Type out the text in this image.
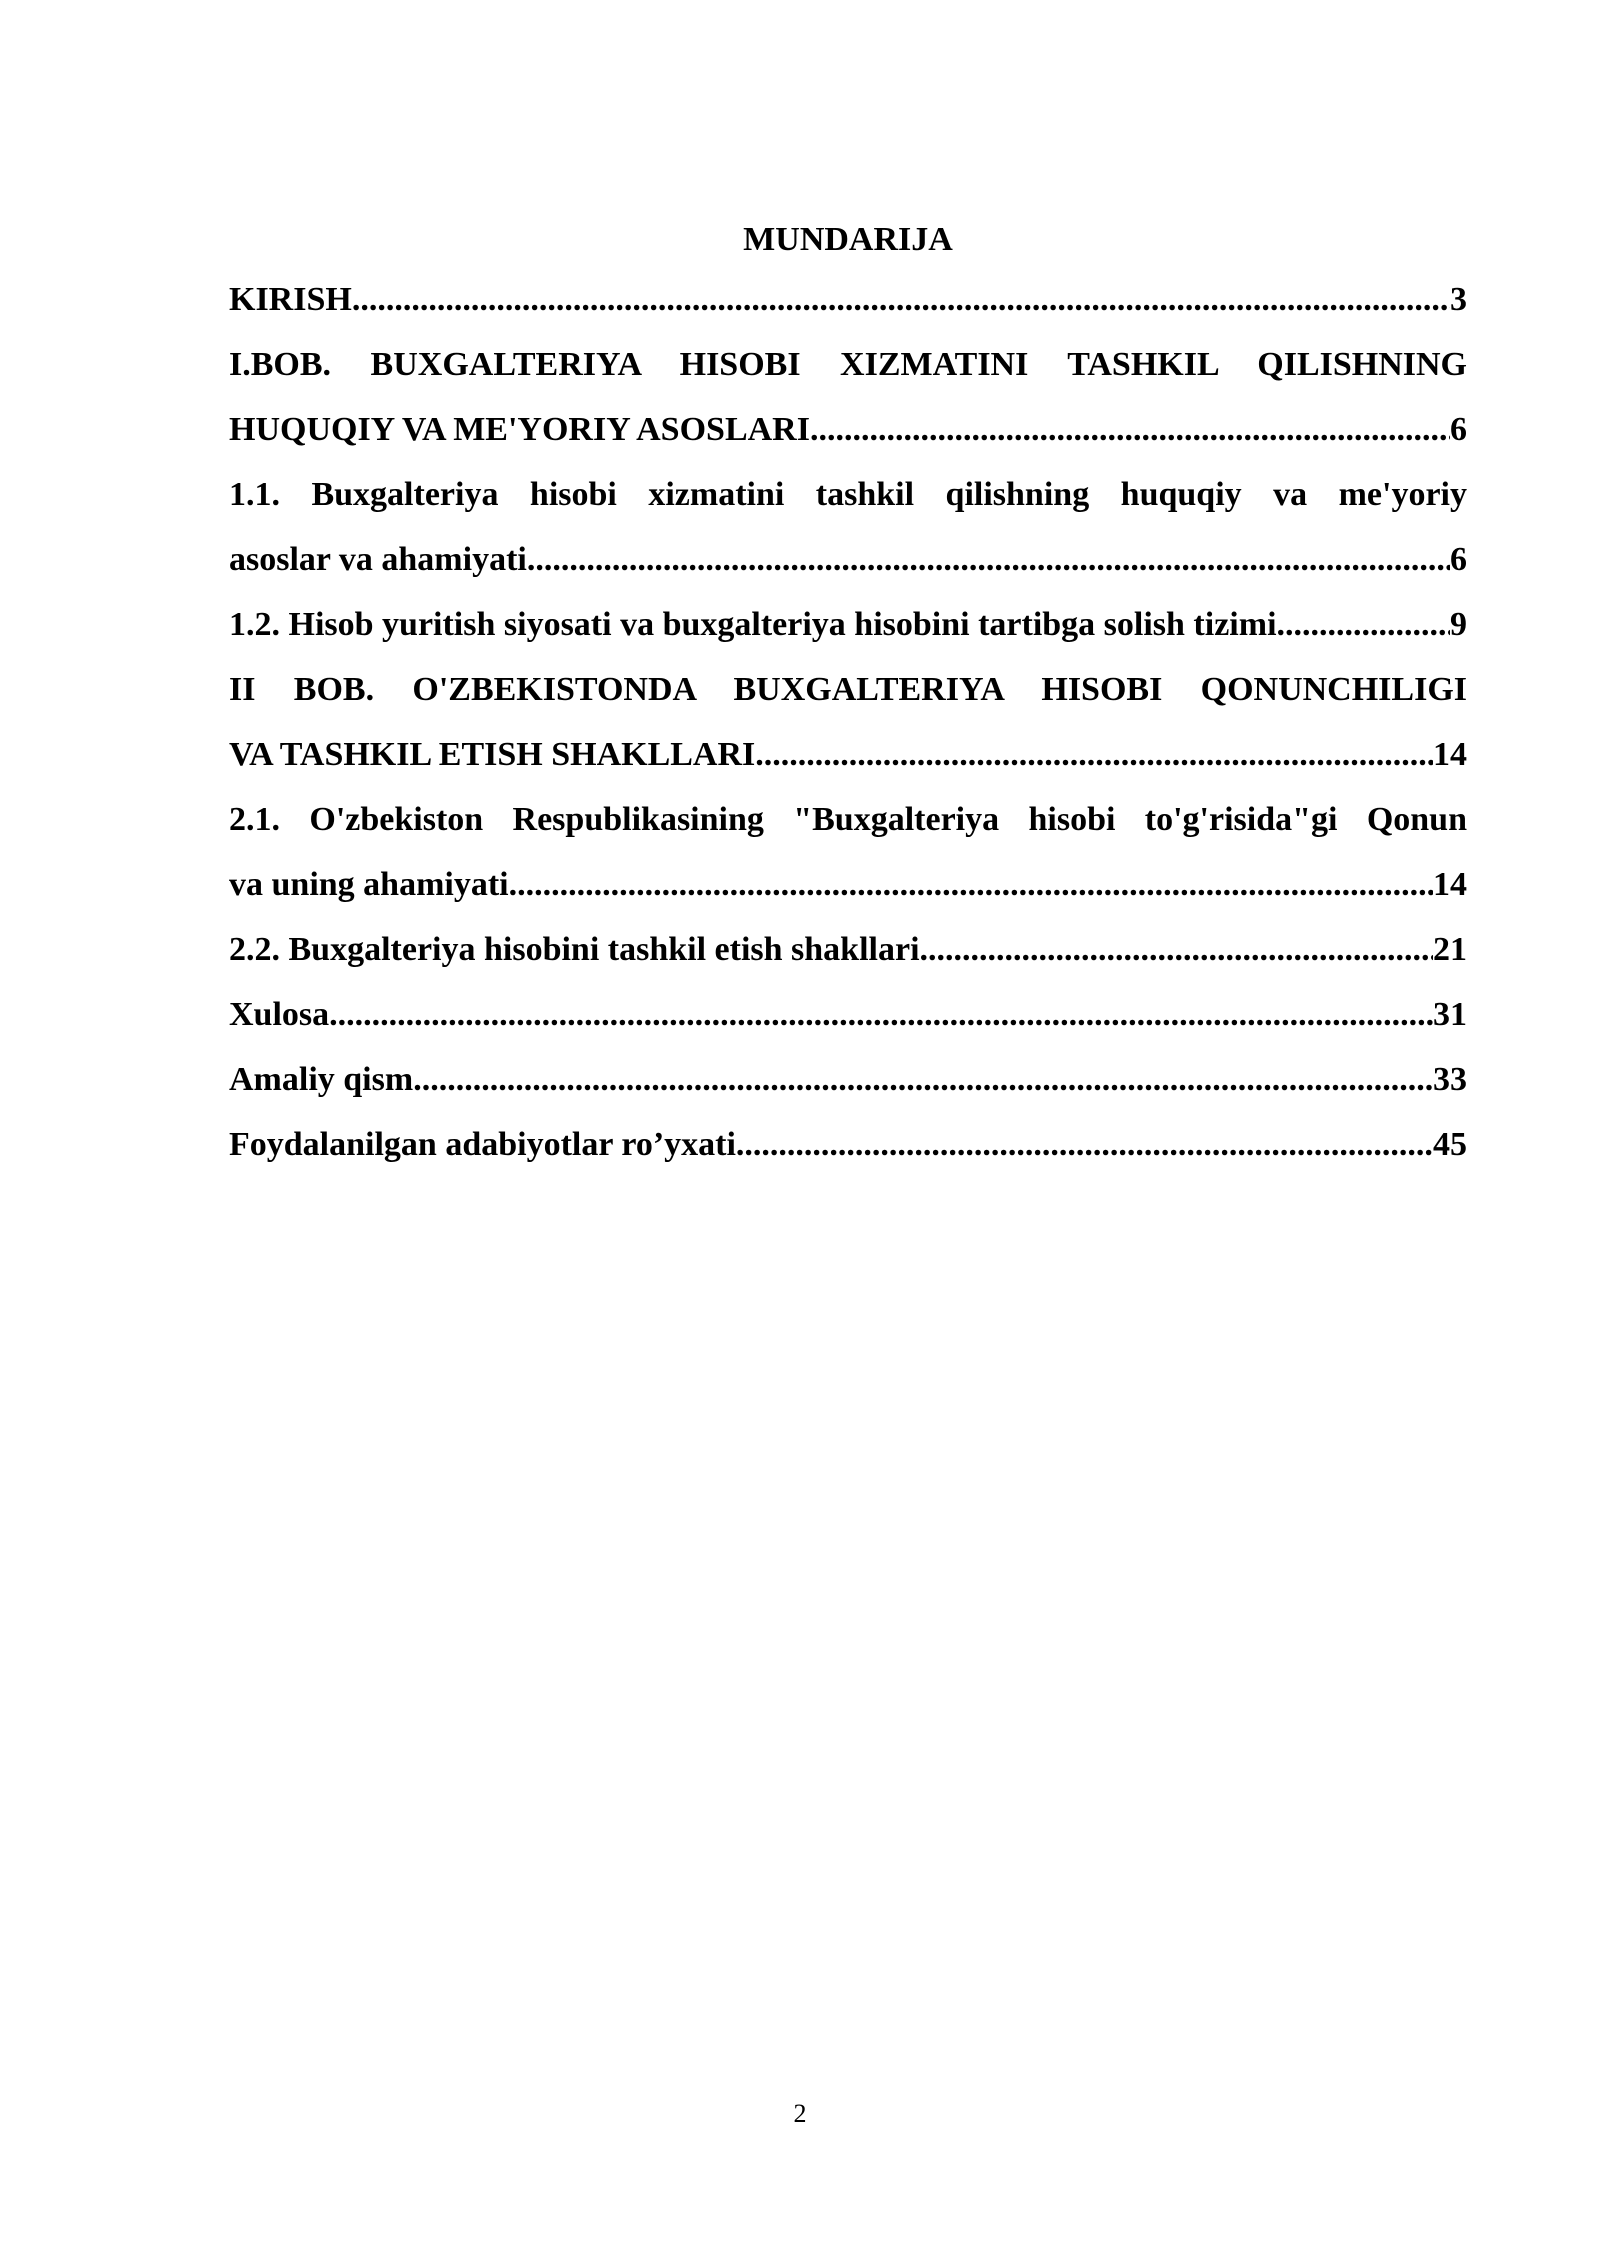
MUNDARIJA
KIRISH .....	3
I.BOB. BUXGALTERIYA HISOBI XIZMATINI TASHKIL QILISHNING
HUQUQIY VA ME'YORIY ASOSLARI .....	6
1.1. Buxgalteriya hisobi xizmatini tashkil qilishning huquqiy va me'yoriy
asoslar va ahamiyati .....	6
1.2. Hisob yuritish siyosati va buxgalteriya hisobini tartibga solish tizimi .....	9
II BOB. O'ZBEKISTONDA BUXGALTERIYA HISOBI QONUNCHILIGI
VA TASHKIL ETISH SHAKLLARI .....	14
2.1. O'zbekiston Respublikasining "Buxgalteriya hisobi to'g'risida"gi Qonun
va uning ahamiyati .....	14
2.2. Buxgalteriya hisobini tashkil etish shakllari .....	21
Xulosa .....	31
Amaliy qism .....	33
Foydalanilgan adabiyotlar ro’yxati .....	45
2
